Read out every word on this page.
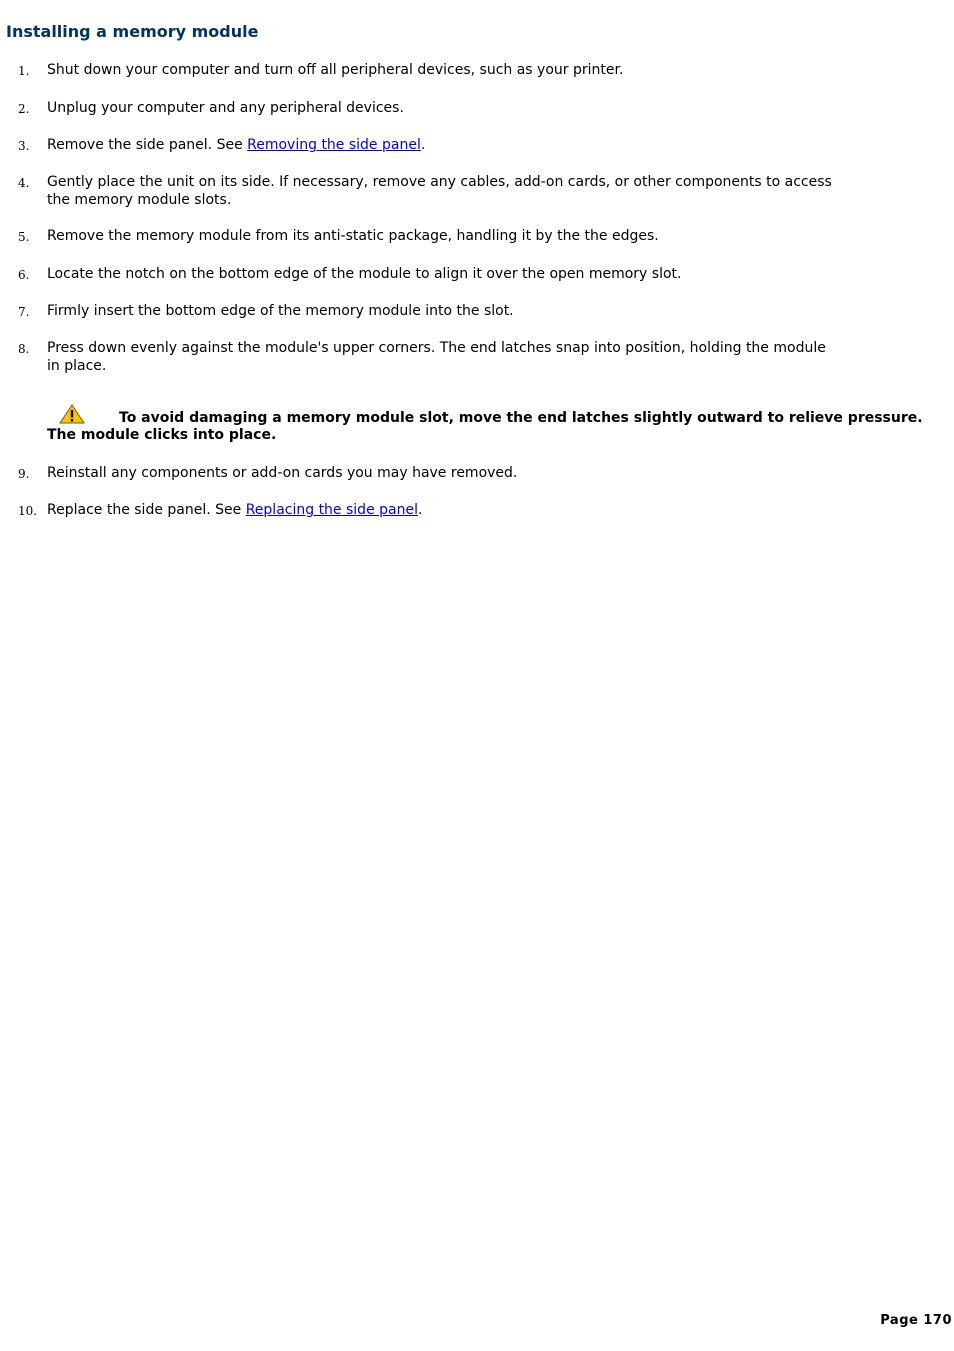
Installing a memory module
1. Shut down your computer and turn off all peripheral devices, such as your printer.
2. Unplug your computer and any peripheral devices.
3. Remove the side panel. See Removing the side panel.
4. Gently place the unit on its side. If necessary, remove any cables, add-on cards, or other components to access
the memory module slots.
5. Remove the memory module from its anti-static package, handling it by the the edges.
6. Locate the notch on the bottom edge of the module to align it over the open memory slot.
7. Firmly insert the bottom edge of the memory module into the slot.
8. Press down evenly against the module's upper corners. The end latches snap into position, holding the module
in place.
To avoid damaging a memory module slot, move the end latches slightly outward to relieve pressure.
The module clicks into place.
9. Reinstall any components or add-on cards you may have removed.
10. Replace the side panel. See Replacing the side panel.
Page 170
